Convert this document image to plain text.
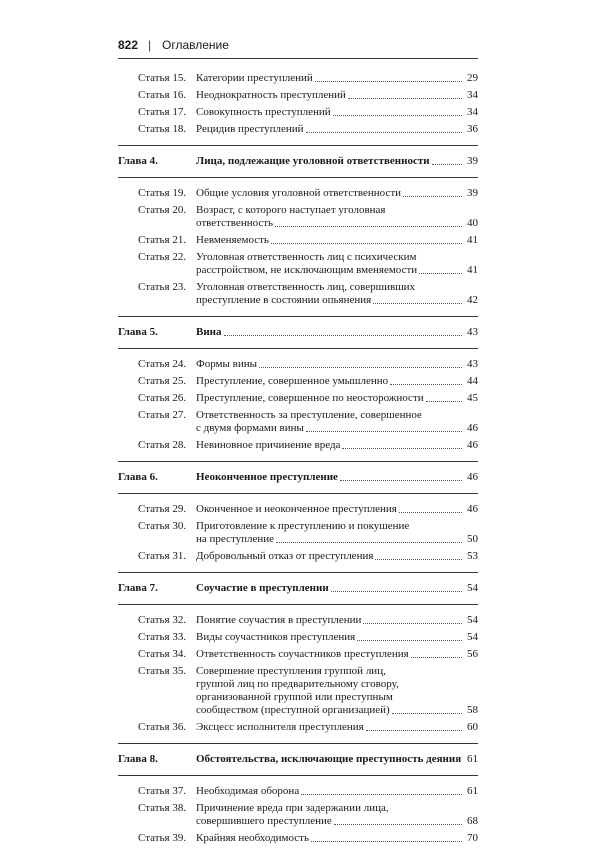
822 | Оглавление
Статья 15. Категории преступлений	29
Статья 16. Неоднократность преступлений	34
Статья 17. Совокупность преступлений	34
Статья 18. Рецидив преступлений	36
Глава 4.	Лица, подлежащие уголовной ответственности	39
Статья 19. Общие условия уголовной ответственности	39
Статья 20. Возраст, с которого наступает уголовная
ответственность	40
Статья 21. Невменяемость	41
Статья 22. Уголовная ответственность лиц с психическим
расстройством, не исключающим вменяемости	41
Статья 23. Уголовная ответственность лиц, совершивших
преступление в состоянии опьянения	42
Глава 5.	Вина	43
Статья 24. Формы вины	43
Статья 25. Преступление, совершенное умышленно	44
Статья 26. Преступление, совершенное по неосторожности	45
Статья 27. Ответственность за преступление, совершенное
с двумя формами вины	46
Статья 28. Невиновное причинение вреда	46
Глава 6.	Неоконченное преступление	46
Статья 29. Оконченное и неоконченное преступления	46
Статья 30. Приготовление к преступлению и покушение
на преступление	50
Статья 31. Добровольный отказ от преступления	53
Глава 7.	Соучастие в преступлении	54
Статья 32. Понятие соучастия в преступлении	54
Статья 33. Виды соучастников преступления	54
Статья 34. Ответственность соучастников преступления	56
Статья 35. Совершение преступления группой лиц,
группой лиц по предварительному сговору,
организованной группой или преступным
сообществом (преступной организацией)	58
Статья 36. Эксцесс исполнителя преступления	60
Глава 8.	Обстоятельства, исключающие преступность деяния 61
Статья 37. Необходимая оборона	61
Статья 38. Причинение вреда при задержании лица,
совершившего преступление	68
Статья 39. Крайняя необходимость	70
